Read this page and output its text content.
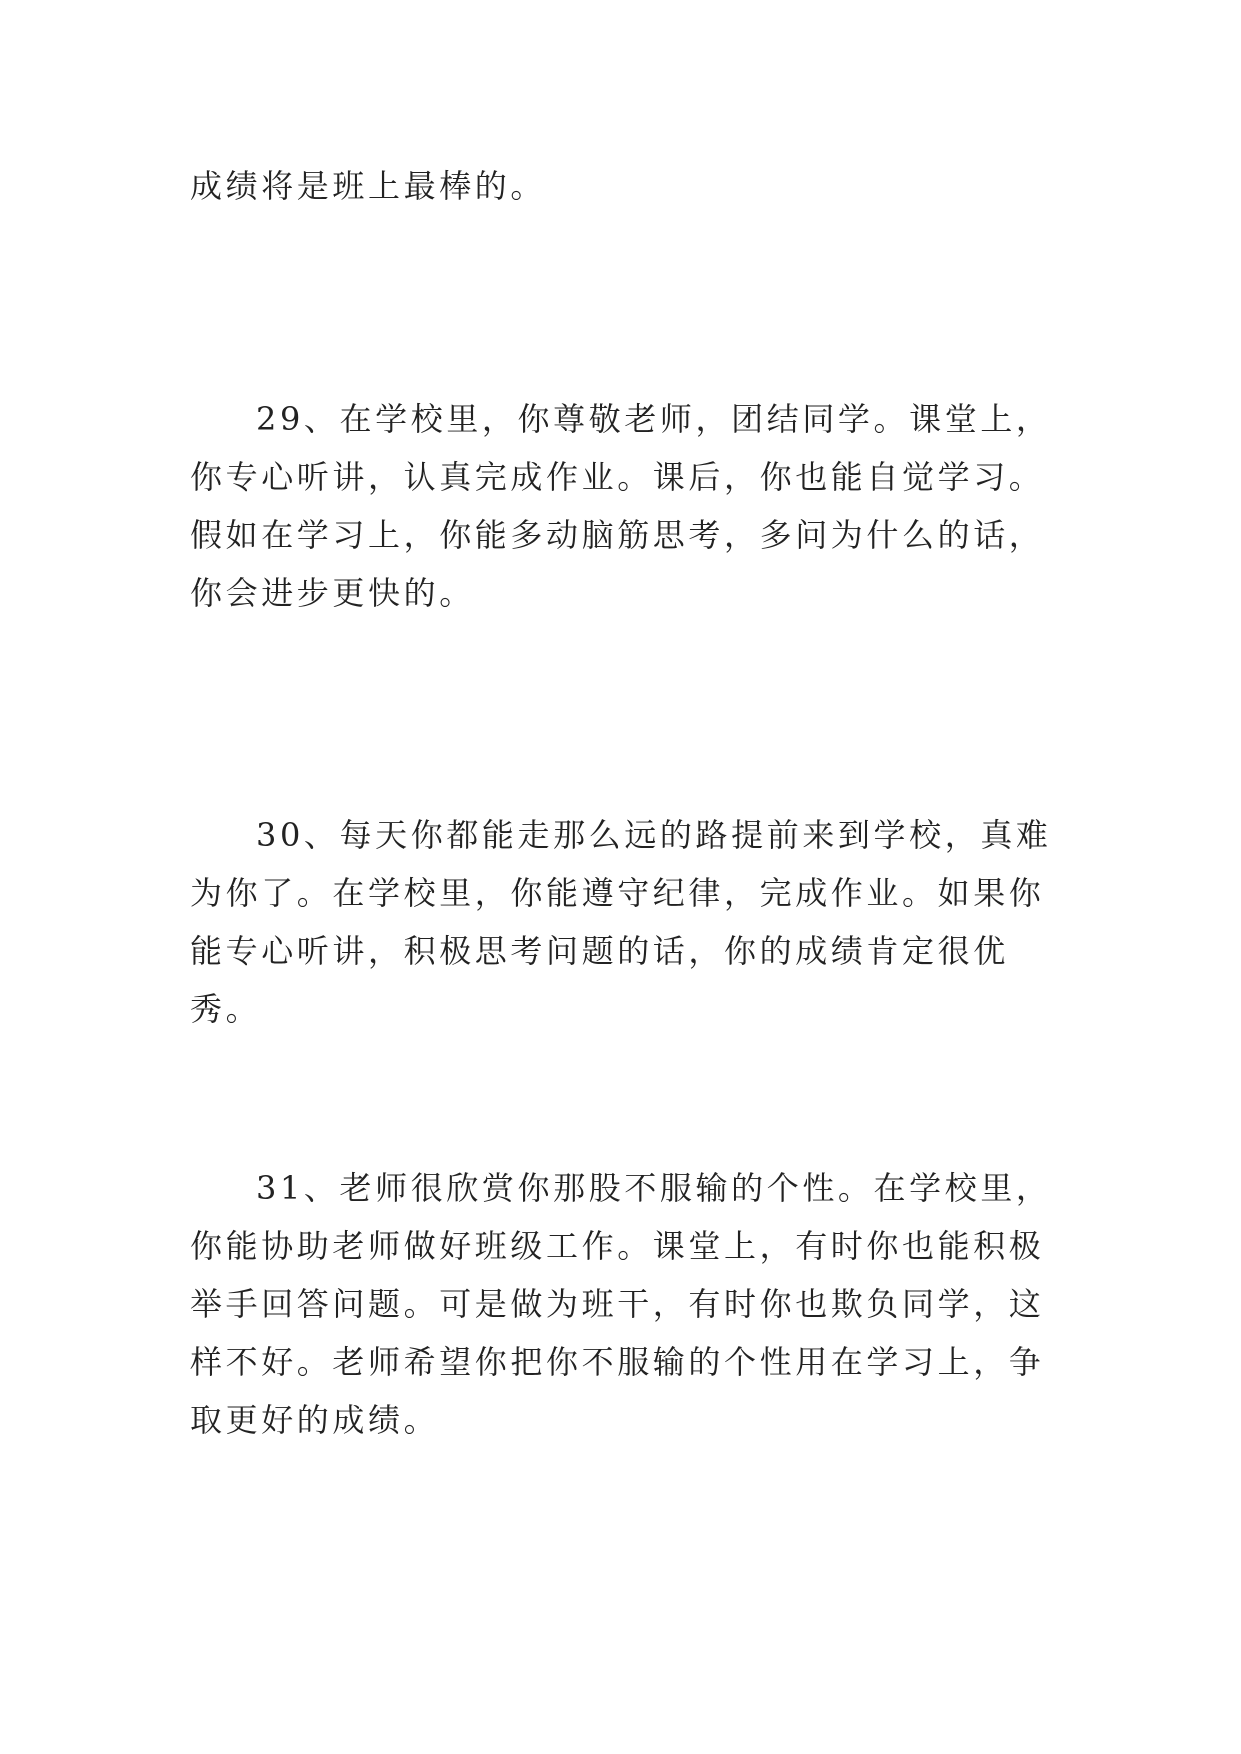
成绩将是班上最棒的。

29、在学校里，你尊敬老师，团结同学。课堂上，你专心听讲，认真完成作业。课后，你也能自觉学习。假如在学习上，你能多动脑筋思考，多问为什么的话，你会进步更快的。

30、每天你都能走那么远的路提前来到学校，真难为你了。在学校里，你能遵守纪律，完成作业。如果你能专心听讲，积极思考问题的话，你的成绩肯定很优秀。

31、老师很欣赏你那股不服输的个性。在学校里，你能协助老师做好班级工作。课堂上，有时你也能积极举手回答问题。可是做为班干，有时你也欺负同学，这样不好。老师希望你把你不服输的个性用在学习上，争取更好的成绩。
